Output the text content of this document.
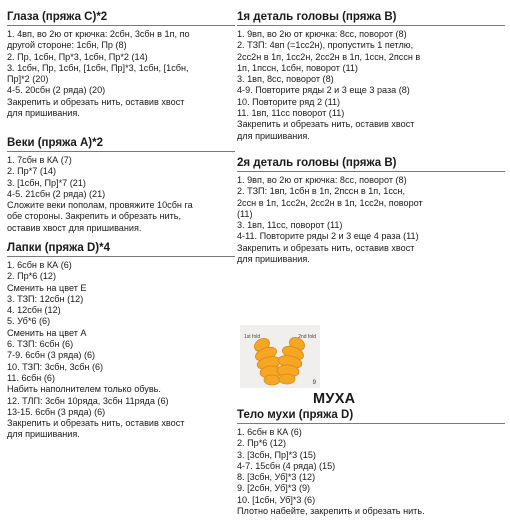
Глаза (пряжа С)*2
1. 4вп, во 2ю от крючка: 2сбн, 3сбн в 1п, по
другой стороне: 1сбн, Пр (8)
2. Пр, 1сбн, Пр*3, 1сбн, Пр*2 (14)
3. 1сбн, Пр, 1сбн, [1сбн, Пр]*3, 1сбн, [1сбн,
Пр]*2 (20)
4-5. 20сбн (2 ряда) (20)
Закрепить и обрезать нить, оставив хвост
для пришивания.
Веки (пряжа А)*2
1. 7сбн в КА (7)
2. Пр*7 (14)
3. [1сбн, Пр]*7 (21)
4-5. 21сбн (2 ряда) (21)
Сложите веки пополам, провяжите 10сбн га
обе стороны. Закрепить и обрезать нить,
оставив хвост для пришивания.
Лапки (пряжа D)*4
1. 6сбн в КА (6)
2. Пр*6 (12)
Сменить на цвет Е
3. ТЗП: 12сбн (12)
4. 12сбн (12)
5. Уб*6 (6)
Сменить на цвет А
6. ТЗП: 6сбн (6)
7-9. 6сбн (3 ряда) (6)
10. ТЗП: 3сбн, 3сбн (6)
11. 6сбн (6)
Набить наполнителем только обувь.
12. ТЛП: 3сбн 10ряда, 3сбн 11ряда (6)
13-15. 6сбн (3 ряда) (6)
Закрепить и обрезать нить, оставив хвост
для пришивания.
1я деталь головы (пряжа В)
1. 9вп, во 2ю от крючка: 8сс, поворот (8)
2. ТЗП: 4вп (=1сс2н), пропустить 1 петлю,
2сс2н в 1п, 1сс2н, 2сс2н в 1п, 1ссн, 2пссн в
1п, 1пссн, 1сбн, поворот (11)
3. 1вп, 8сс, поворот (8)
4-9. Повторите ряды 2 и 3 еще 3 раза (8)
10. Повторите ряд 2 (11)
11. 1вп, 11сс поворот (11)
Закрепить и обрезать нить, оставив хвост
для пришивания.
2я деталь головы (пряжа В)
1. 9вп, во 2ю от крючка: 8сс, поворот (8)
2. ТЗП: 1вп, 1сбн в 1п, 2пссн в 1п, 1ссн,
2ссн в 1п, 1сс2н, 2сс2н в 1п, 1сс2н, поворот
(11)
3. 1вп, 11сс, поворот (11)
4-11. Повторите ряды 2 и 3 еще 4 раза (11)
Закрепить и обрезать нить, оставив хвост
для пришивания.
Тело мухи (пряжа D)
1. 6сбн в КА (6)
2. Пр*6 (12)
3. [3сбн, Пр]*3 (15)
4-7. 15сбн (4 ряда) (15)
8. [3сбн, Уб]*3 (12)
9. [2сбн, Уб]*3 (9)
10. [1сбн, Уб]*3 (6)
Плотно набейте, закрепить и обрезать нить.
1st fold	2nd fold
9
МУХА
